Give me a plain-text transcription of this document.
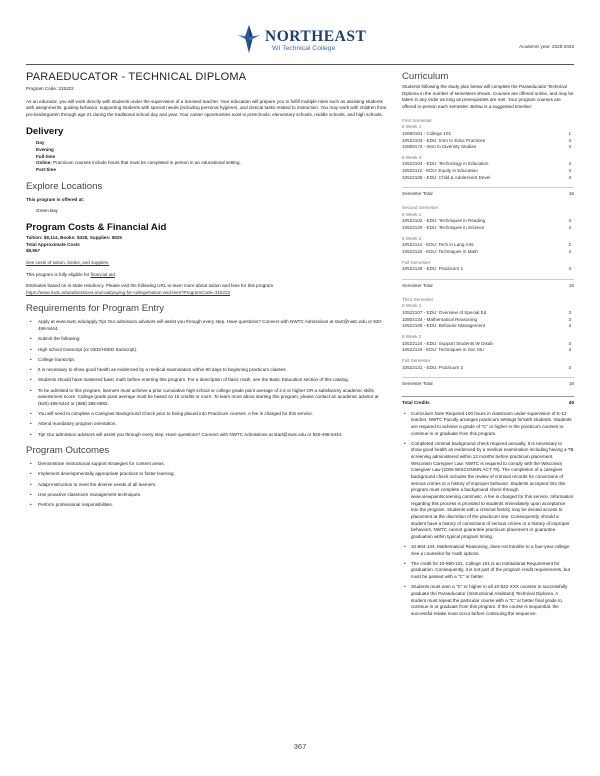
NORTHEAST
WI Technical College	Academic year: 2025-2026
PARAEDUCATOR - TECHNICAL DIPLOMA
Program Code: 315222
As an educator, you will work directly with students under the supervision of a licensed teacher. Your education will prepare you to fulfill multiple roles such as assisting students with assignments, guiding behavior, supporting students with special needs (including personal hygiene), and clerical tasks related to instruction. You may work with children from pre-kindergarten through age 21 during the traditional school day and year. Your career opportunities exist in preschools, elementary schools, middle schools, and high schools.
Delivery
Day
Evening
Full-time
Online: Practicum courses include hours that must be completed in person in an educational setting.
Part-time
Explore Locations
This program is offered at:
Green Bay
Program Costs & Financial Aid
Tuition: $8,114, Books: $328, Supplies: $525
Total Approximate Costs
$8,967
See costs of tuition, books, and supplies.
This program is fully eligible for financial aid.
Estimates based on in-state residency. Please visit the following URL to learn more about tuition and fees for this program.
https://www.nwtc.edu/admissions-and-aid/paying-for-college/tuition-and-fees?ProgramCode=315222
Requirements for Program Entry
• Apply at www.nwtc.edu/apply Tip! Our admission advisors will assist you through every step. Have questions? Connect with NWTC Admissions at start@nwtc.edu or 920-498-5444.
• Submit the following:
• High school transcript (or GED/HSED transcript).
• College transcript.
• It is necessary to show good health as evidenced by a medical examination within 90 days to beginning practicum classes.
• Students should have mastered basic math before entering this program. For a description of basic math, see the Basic Education section of this catalog.
• To be admitted to this program, learners must achieve a prior cumulative high school or college grade point average of 2.6 or higher OR a satisfactory academic skills assessment score. College grade point average must be based on 15 credits or more. To learn more about starting this program, please contact an academic advisor at (920) 498-5444 or (888) 385-6982.
• You will need to complete a Caregiver Background Check prior to being placed into Practicum courses. A fee is charged for this service.
• Attend mandatory program orientation.
• Tip! Our admission advisors will assist you through every step. Have questions? Connect with NWTC Admissions at start@nwtc.edu or 920-498-5444.
Program Outcomes
• Demonstrate instructional support strategies for content areas.
• Implement developmentally appropriate practices to foster learning.
• Adapt instruction to meet the diverse needs of all learners.
• Use proactive classroom management techniques.
• Perform professional responsibilities.
Curriculum
Students following the study plan below will complete the Paraeducator Technical Diploma in the number of semesters shown. Courses are offered online, and may be taken in any order as long as prerequisites are met. Your program courses are offered in-person each semester. Below is a suggested timeline:
First Semester
8 Week 1
10890101 - College 101	1
10522103 - EDU: Intro to Educ Practices	3
10809172 - Intro to Diversity Studies	3
8 Week 2
10522104 - EDU: Technology in Education	3
10522112 - EDU: Equity in Education	3
10522106 - EDU: Child & Adolescent Devel	3
Semester Total	16
Second Semester
8 Week 1
10522102 - EDU: Techniques in Reading	3
10522120 - EDU: Techniques in Science	3
8 Week 2
10522114 - EDU: Tech in Lang Arts	2
10522118 - EDU: Techniques in Math	3
Full Semester
10522129 - EDU: Practicum 1	3
Semester Total	15
Third Semester
8 Week 1
10522107 - EDU: Overview of Special Ed	3
10804134 - Mathematical Reasoning	3
10522105 - EDU: Behavior Management	3
8 Week 2
10522124 - EDU: Support Students W Disab	3
10522119 - EDU: Techniques in Soc Stu	3
Full Semester
10522131 - EDU: Practicum 2	3
Semester Total	18
Total Credits	49
• Curriculum Note Required 100 hours in classroom under supervision of K-12 teacher. NWTC Faculty arranges practicum settings for/with students. Students are required to achieve a grade of "C" or higher in the practicum courses to continue in or graduate from this program.
• Completed criminal background check required annually. It is necessary to show good health as evidenced by a medical examination including having a TB screening administered within 12 months before practicum placement. Wisconsin Caregiver Law: NWTC is required to comply with the Wisconsin Caregiver Law (2009 WISCONSIN ACT 76). The completion of a caregiver background check includes the review of criminal records for convictions of serious crimes or a history of improper behavior. Students accepted into this program must complete a background check through www.viewpointscreening.com/nwtc. A fee is charged for this service. Information regarding this process is provided to students immediately upon acceptance into the program. Students with a criminal history may be denied access to placement at the discretion of the practicum site. Consequently, should a student have a history of convictions of serious crimes or a history of improper behaviors, NWTC cannot guarantee practicum placement or guarantee graduation within typical program timing.
• 10-804-134, Mathematical Reasoning, does not transfer to a four-year college. See a counselor for math options.
• The credit for 10-890-101, College 101 is an Institutional Requirement for graduation. Consequently, it is not part of the program credit requirements, but must be passed with a "C" or better.
• Students must earn a "C" or higher in all 10-522-XXX courses to successfully graduate the Paraeducator (Instructional Assistant) Technical Diploma. A student must repeat the particular course with a "C" or better final grade to continue in or graduate from this program. If the course is sequential, the successful retake must occur before continuing the sequence.
367
